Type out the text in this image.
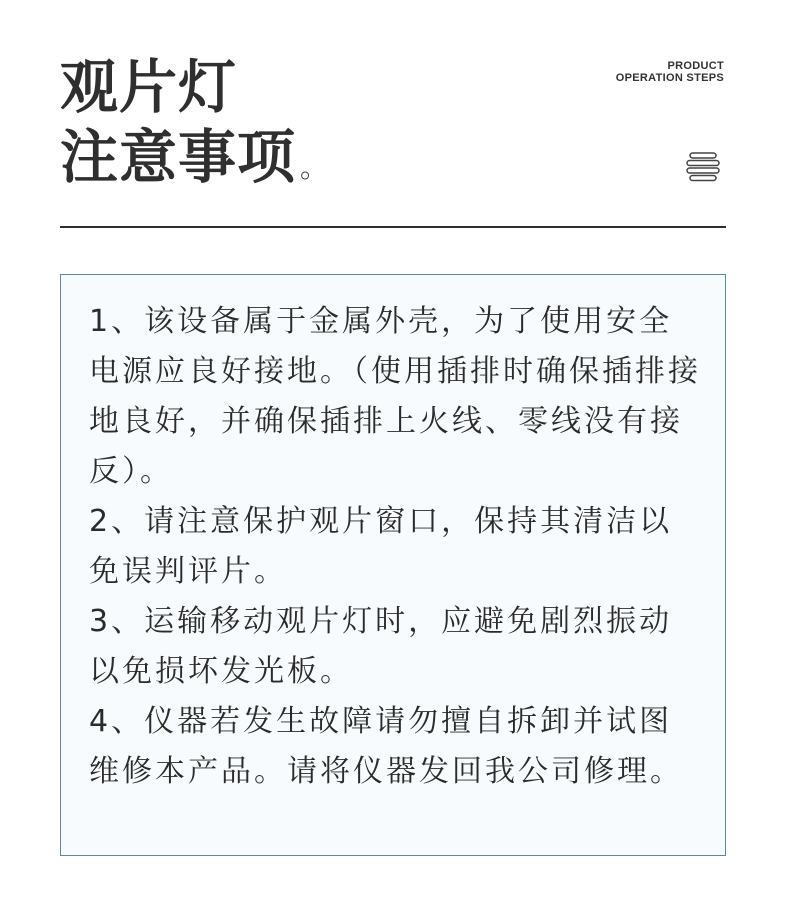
观片灯
注意事项 。
PRODUCT
OPERATION STEPS
1、该设备属于金属外壳，为了使用安全电源应良好接地。（使用插排时确保插排接地良好，并确保插排上火线、零线没有接反）。
2、请注意保护观片窗口，保持其清洁以免误判评片。
3、运输移动观片灯时，应避免剧烈振动以免损坏发光板。
4、仪器若发生故障请勿擅自拆卸并试图维修本产品。请将仪器发回我公司修理。
